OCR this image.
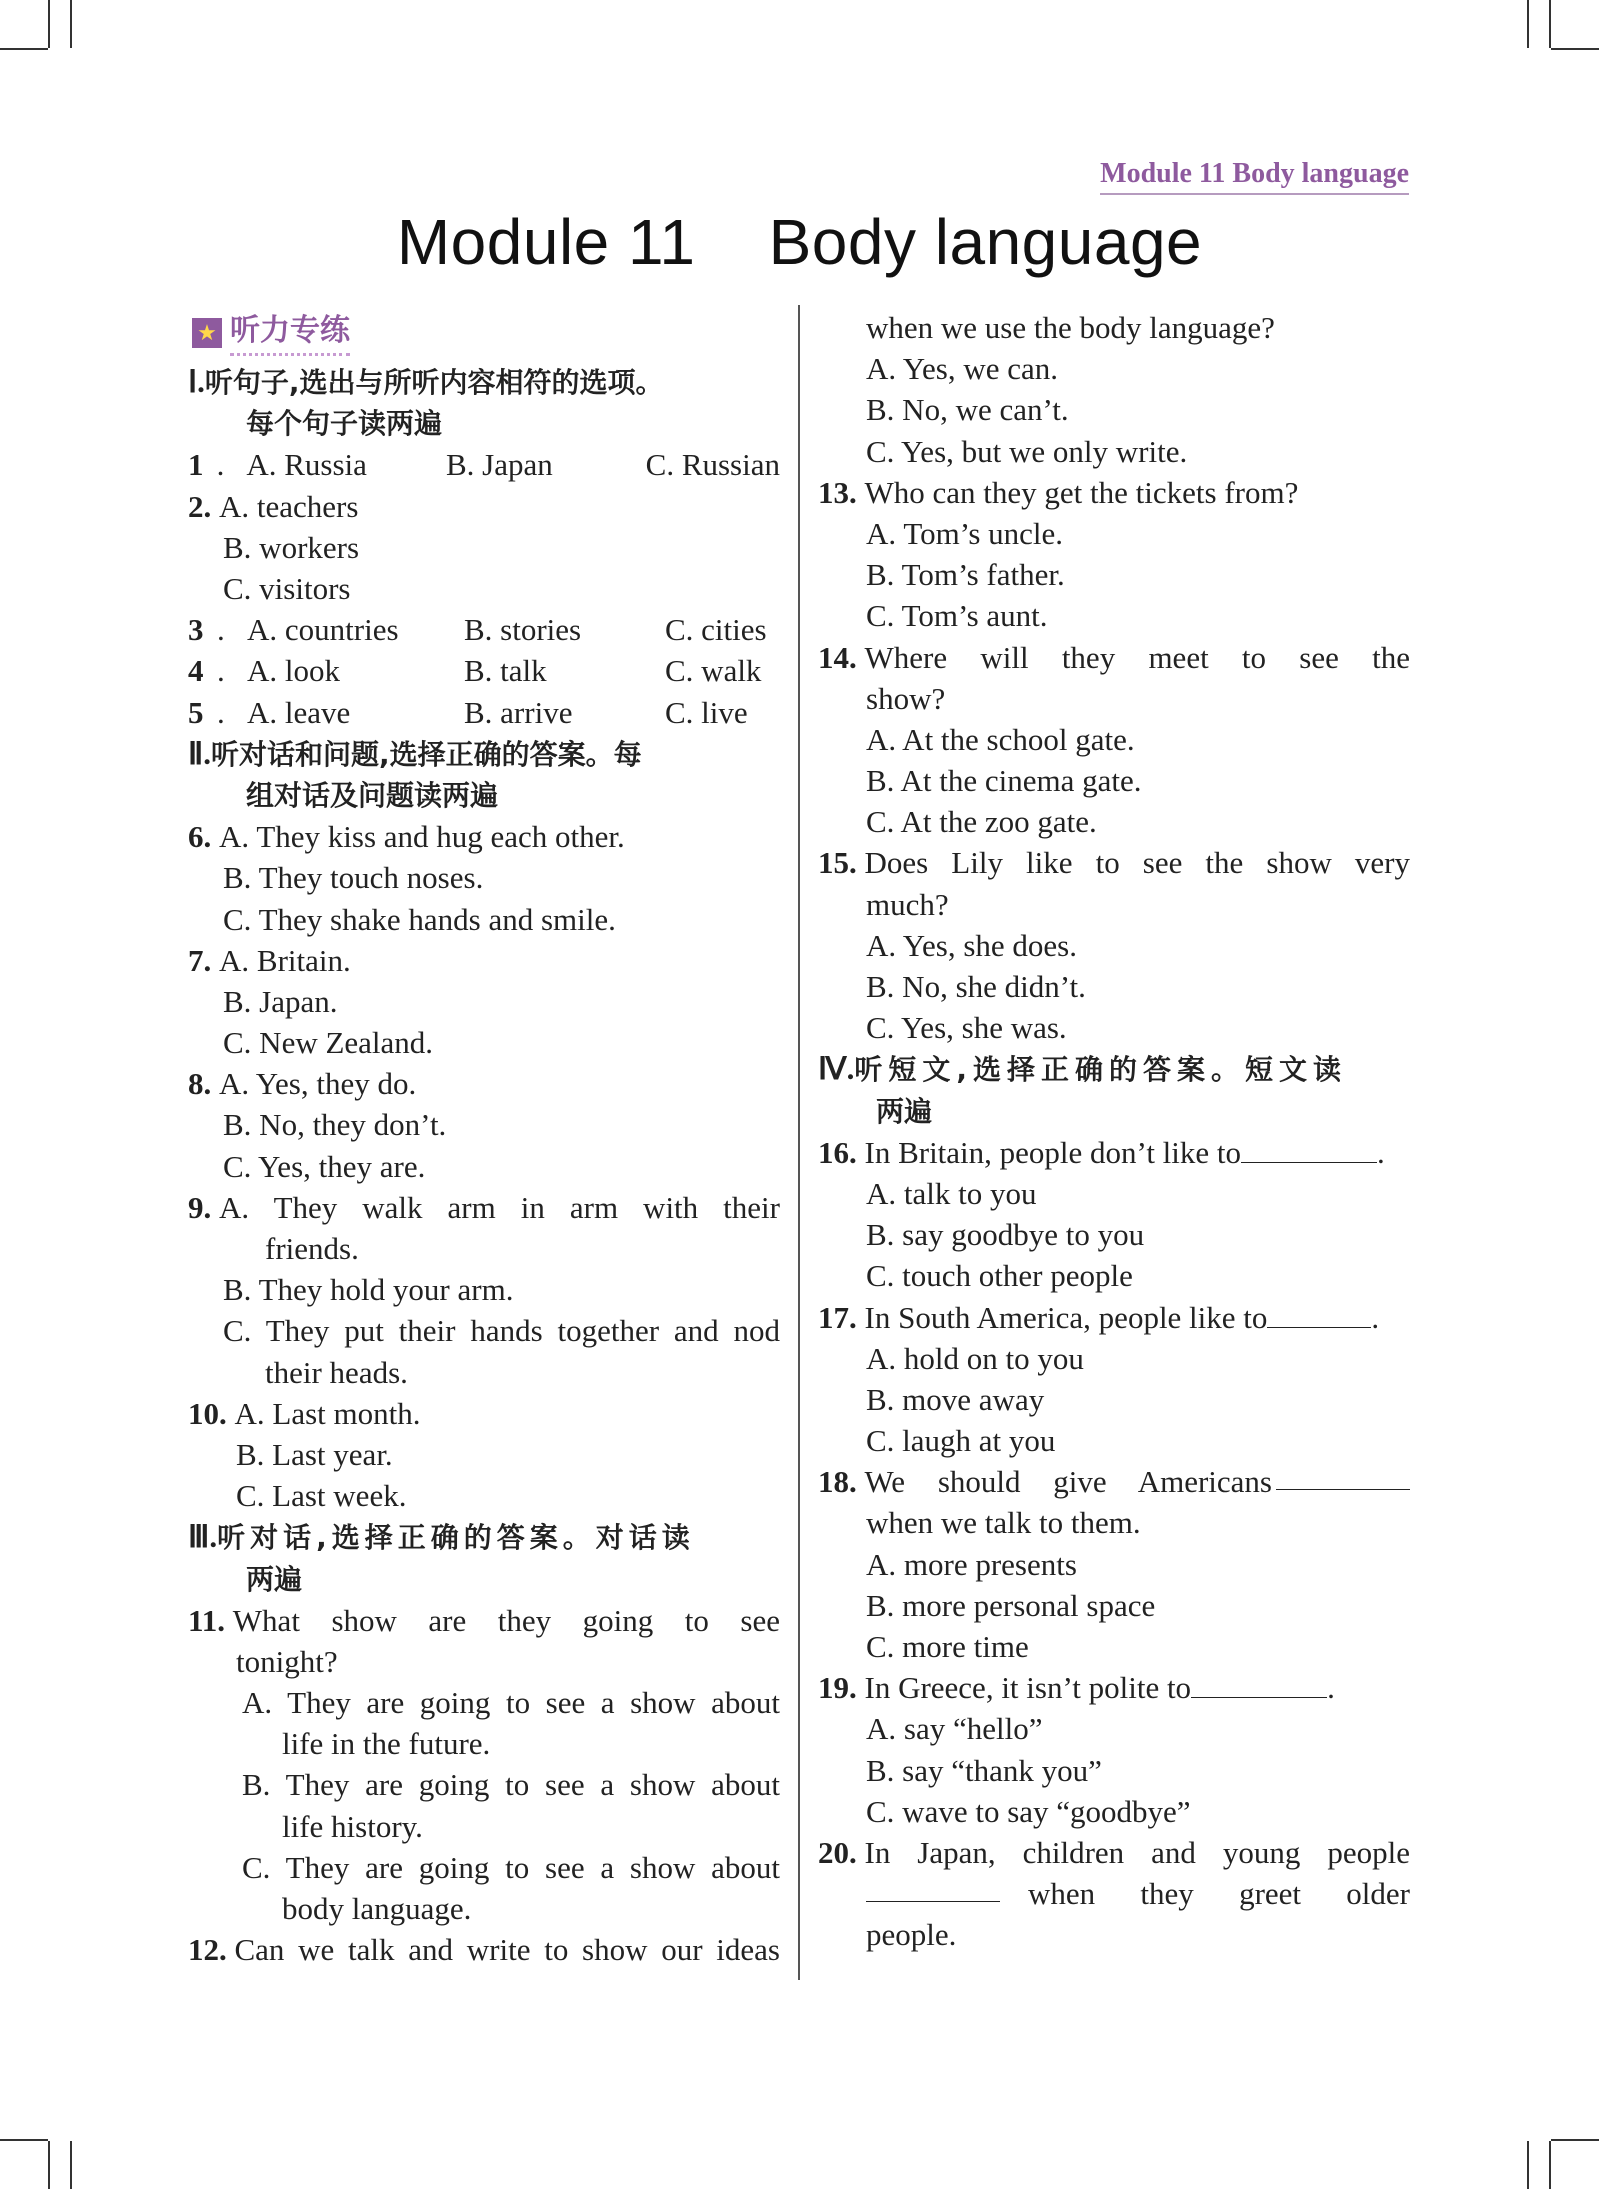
Module 11 Body language
Module 11    Body language
★ 听力专练
Ⅰ.听句子,选出与所听内容相符的选项。
每个句子读两遍
1 . A. Russia	B. Japan	C. Russian
2. A. teachers
B. workers
C. visitors
3 . A. countries	B. stories	C. cities
4 . A. look	B. talk	C. walk
5 . A. leave	B. arrive	C. live
Ⅱ.听对话和问题,选择正确的答案。每
组对话及问题读两遍
6. A. They kiss and hug each other.
B. They touch noses.
C. They shake hands and smile.
7. A. Britain.
B. Japan.
C. New Zealand.
8. A. Yes, they do.
B. No, they don’t.
C. Yes, they are.
9 . A. They walk arm in arm with their
friends.
B. They hold your arm.
C. They put their hands together and nod
their heads.
10. A. Last month.
B. Last year.
C. Last week.
Ⅲ.听对话,选择正确的答案。对话读
两遍
11 . What show are they going to see
tonight?
A. They are going to see a show about
life in the future.
B. They are going to see a show about
life history.
C. They are going to see a show about
body language.
12 . Can we talk and write to show our ideas
when we use the body language?
A. Yes, we can.
B. No, we can’t.
C. Yes, but we only write.
13. Who can they get the tickets from?
A. Tom’s uncle.
B. Tom’s father.
C. Tom’s aunt.
14 . Where will they meet to see the
show?
A. At the school gate.
B. At the cinema gate.
C. At the zoo gate.
15 . Does Lily like to see the show very
much?
A. Yes, she does.
B. No, she didn’t.
C. Yes, she was.
Ⅳ.听短文,选择正确的答案。短文读
两遍
16. In Britain, people don’t like to	.
A. talk to you
B. say goodbye to you
C. touch other people
17. In South America, people like to	.
A. hold on to you
B. move away
C. laugh at you
18 . We should give Americans
when we talk to them.
A. more presents
B. more personal space
C. more time
19. In Greece, it isn’t polite to	.
A. say “hello”
B. say “thank you”
C. wave to say “goodbye”
20 . In Japan, children and young people
when they greet older
people.
